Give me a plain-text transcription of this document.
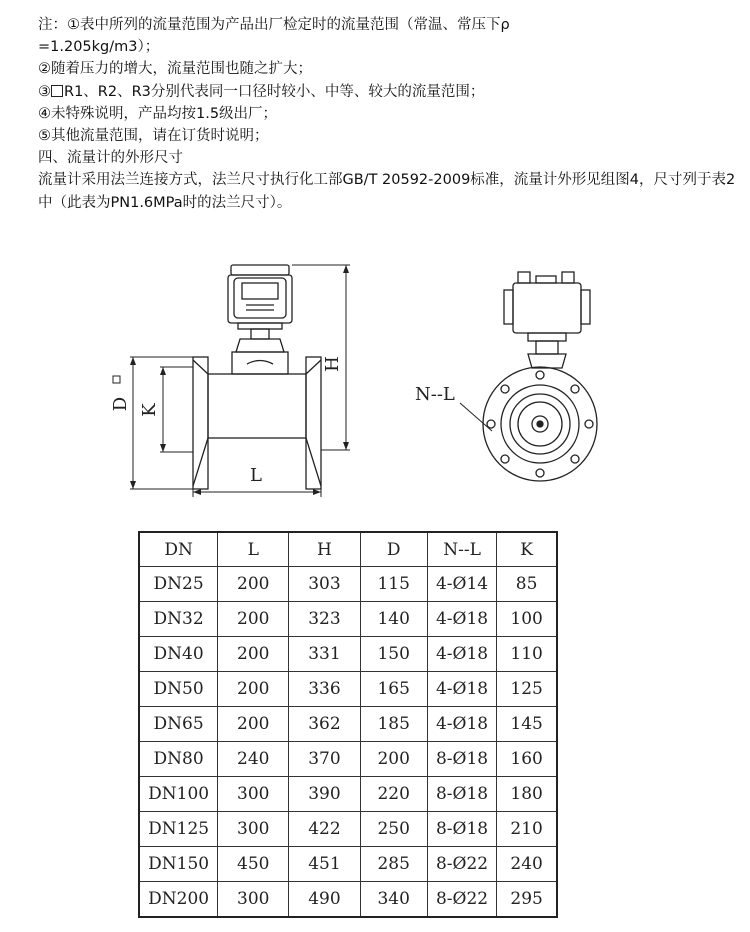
注：①表中所列的流量范围为产品出厂检定时的流量范围（常温、常压下ρ

=1.205kg/m3）；

②随着压力的增大，流量范围也随之扩大；

③ R1、R2、R3分别代表同一口径时较小、中等、较大的流量范围；

④未特殊说明，产品均按1.5级出厂；

⑤其他流量范围，请在订货时说明；

四、流量计的外形尺寸

流量计采用法兰连接方式，法兰尺寸执行化工部GB/T 20592-2009标准，流量计外形见组图4，尺寸列于表2中（此表为PN1.6MPa时的法兰尺寸）。

D K
H
L
N--L
DN	L	H	D	N--L	K
DN25	200	303	115	4-Ø14	85
DN32	200	323	140	4-Ø18	100
DN40	200	331	150	4-Ø18	110
DN50	200	336	165	4-Ø18	125
DN65	200	362	185	4-Ø18	145
DN80	240	370	200	8-Ø18	160
DN100	300	390	220	8-Ø18	180
DN125	300	422	250	8-Ø18	210
DN150	450	451	285	8-Ø22	240
DN200	300	490	340	8-Ø22	295
